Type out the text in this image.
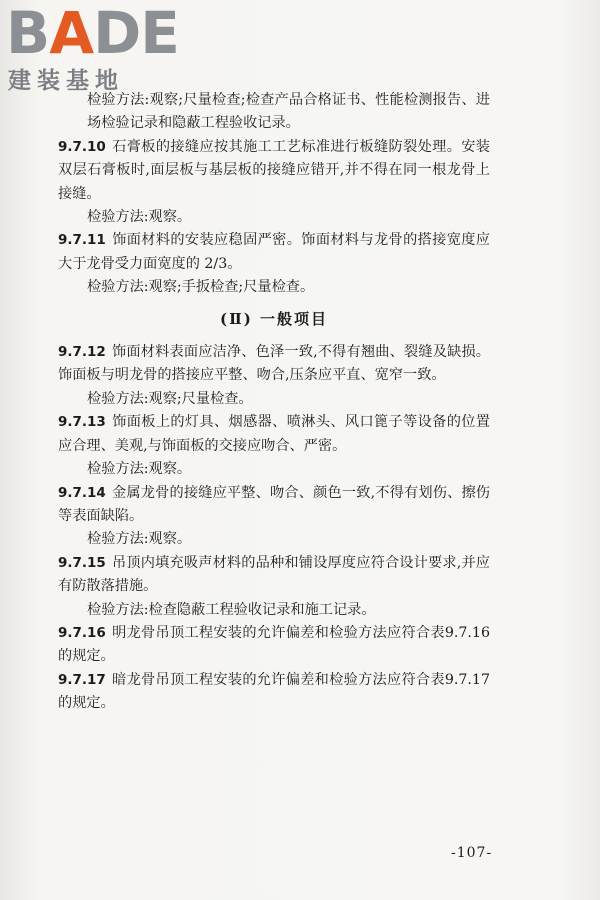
BADE
建装基地

检验方法:观察;尺量检查;检查产品合格证书、性能检测报告、进场检验记录和隐蔽工程验收记录。

9.7.10 石膏板的接缝应按其施工工艺标准进行板缝防裂处理。安装双层石膏板时,面层板与基层板的接缝应错开,并不得在同一根龙骨上接缝。

检验方法:观察。

9.7.11 饰面材料的安装应稳固严密。饰面材料与龙骨的搭接宽度应大于龙骨受力面宽度的 2/3。

检验方法:观察;手扳检查;尺量检查。

(Ⅱ) 一般项目

9.7.12 饰面材料表面应洁净、色泽一致,不得有翘曲、裂缝及缺损。饰面板与明龙骨的搭接应平整、吻合,压条应平直、宽窄一致。

检验方法:观察;尺量检查。

9.7.13 饰面板上的灯具、烟感器、喷淋头、风口篦子等设备的位置应合理、美观,与饰面板的交接应吻合、严密。

检验方法:观察。

9.7.14 金属龙骨的接缝应平整、吻合、颜色一致,不得有划伤、擦伤等表面缺陷。

检验方法:观察。

9.7.15 吊顶内填充吸声材料的品种和铺设厚度应符合设计要求,并应有防散落措施。

检验方法:检查隐蔽工程验收记录和施工记录。

9.7.16 明龙骨吊顶工程安装的允许偏差和检验方法应符合表9.7.16 的规定。

9.7.17 暗龙骨吊顶工程安装的允许偏差和检验方法应符合表9.7.17 的规定。

-107-
